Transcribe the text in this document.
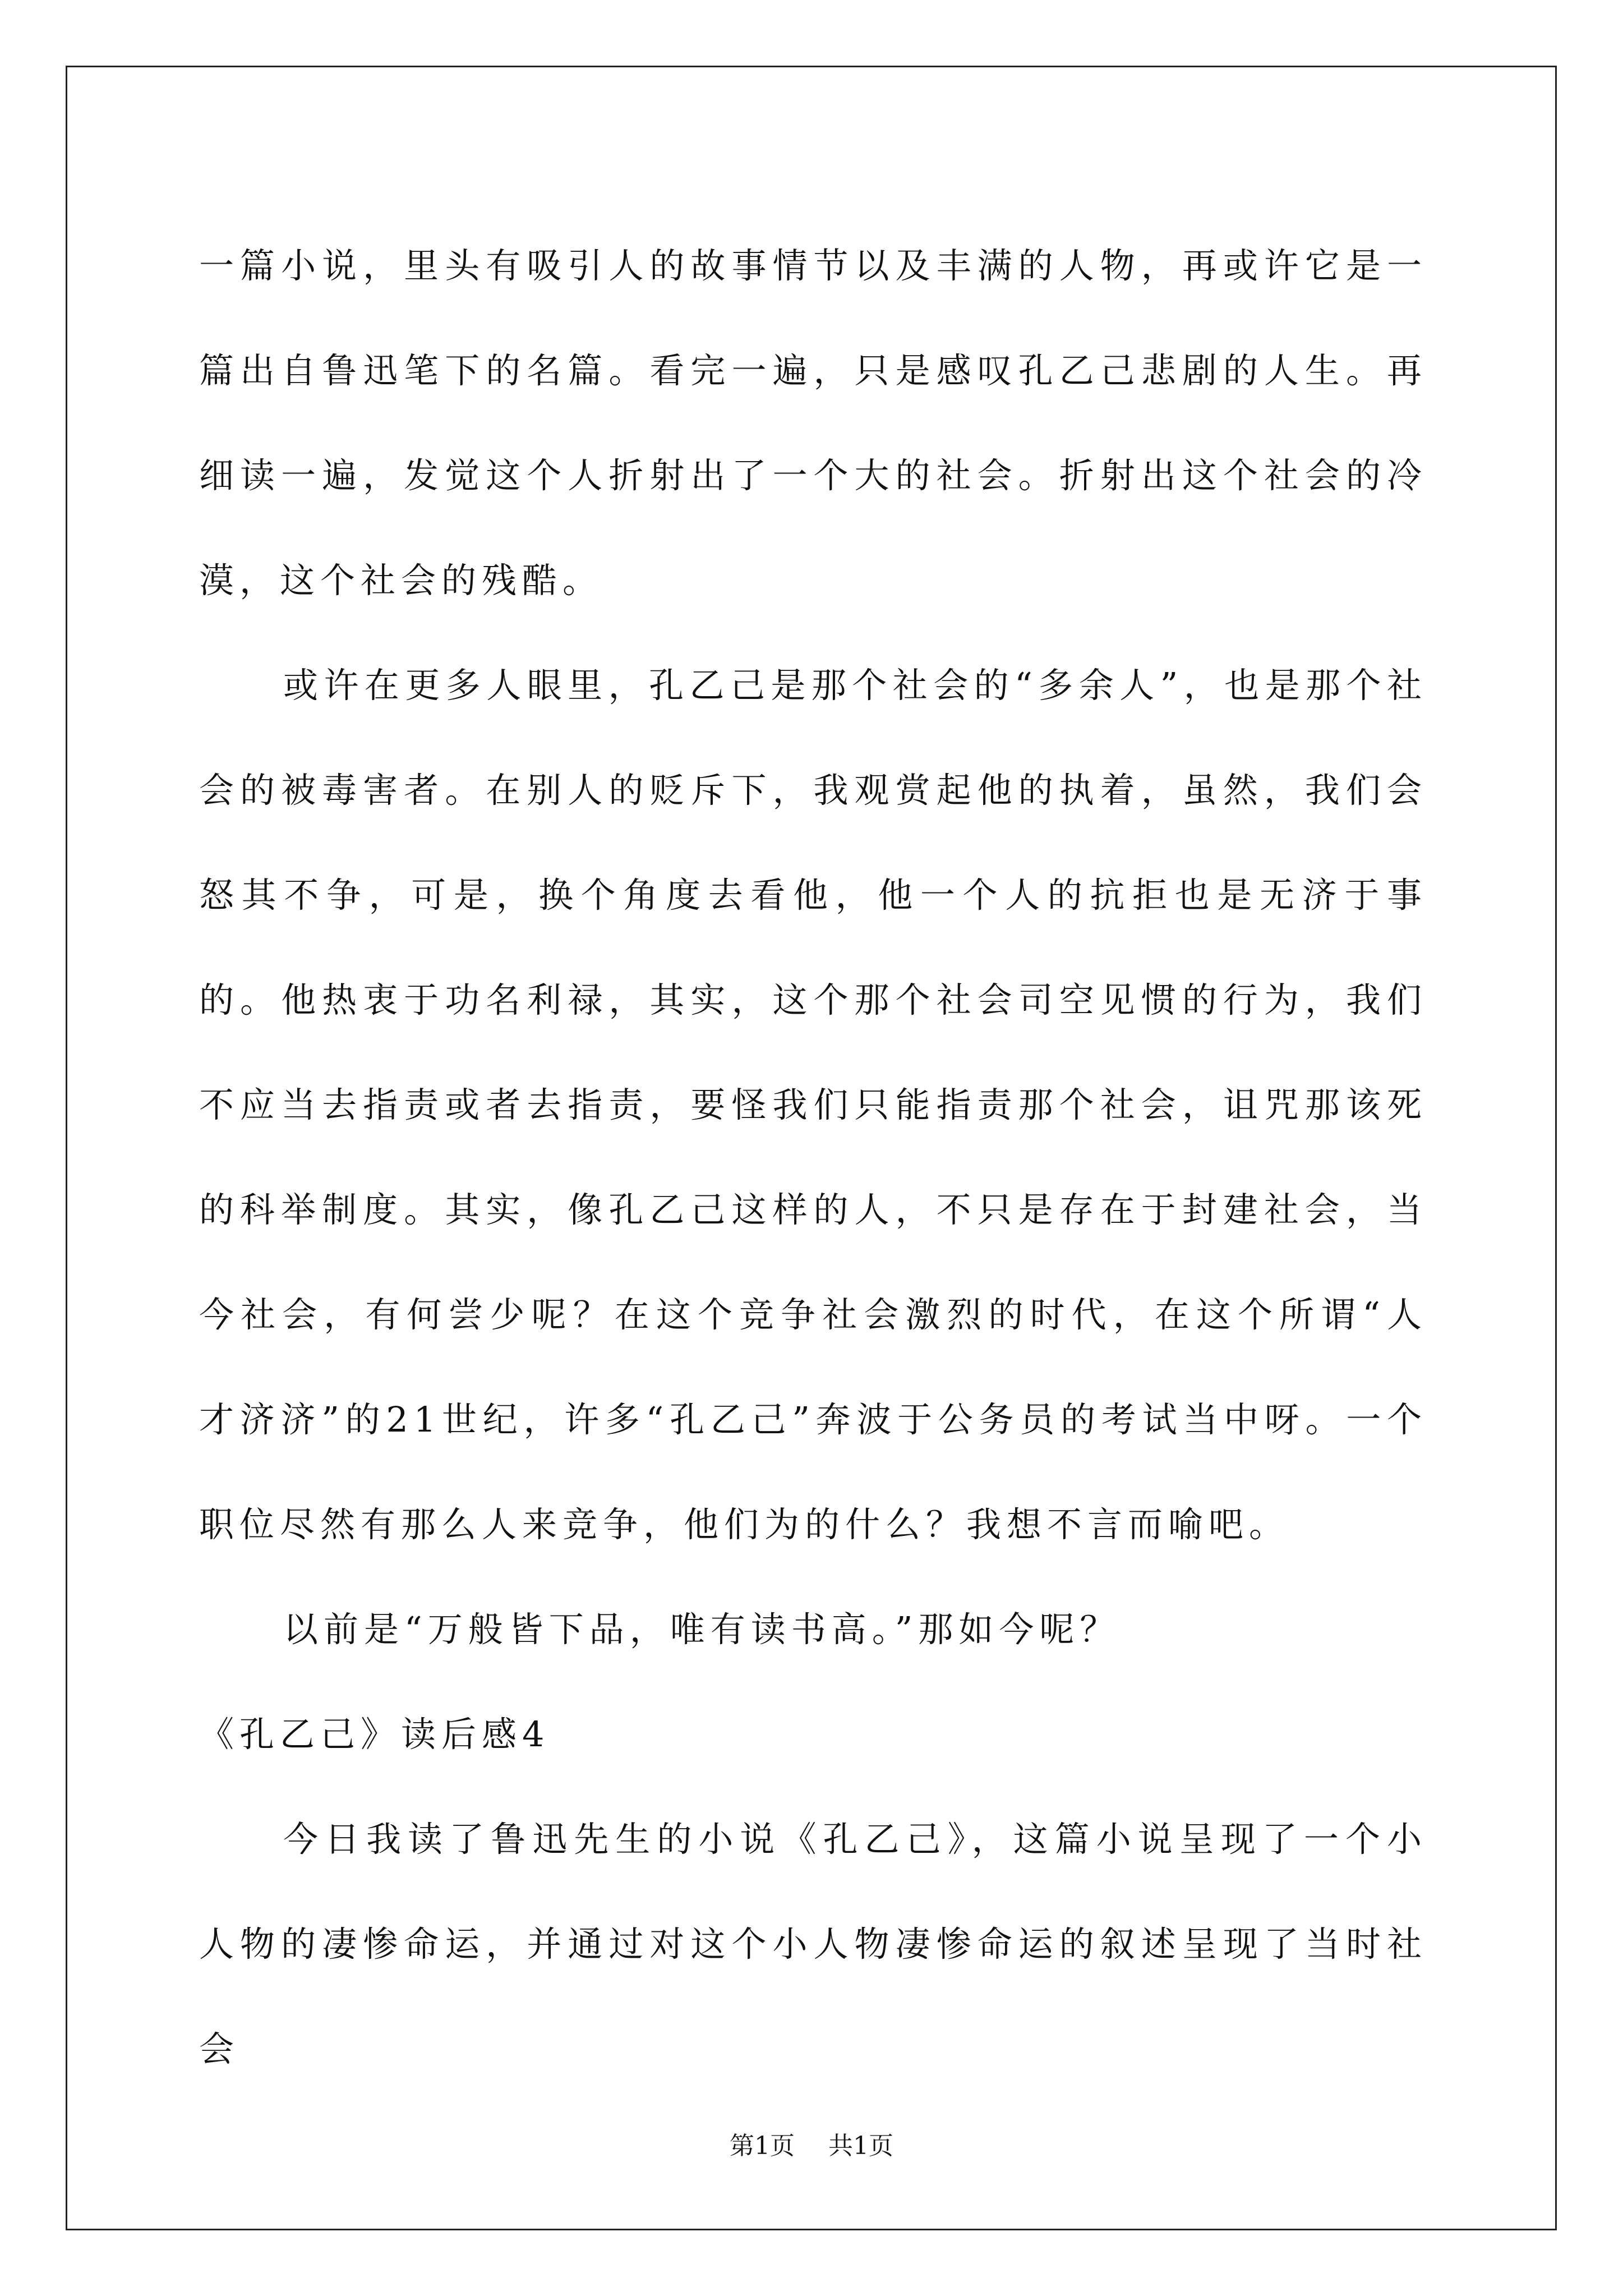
一篇小说，里头有吸引人的故事情节以及丰满的人物，再或许它是一篇出自鲁迅笔下的名篇。看完一遍，只是感叹孔乙己悲剧的人生。再细读一遍，发觉这个人折射出了一个大的社会。折射出这个社会的冷漠，这个社会的残酷。

或许在更多人眼里，孔乙己是那个社会的“多余人”，也是那个社会的被毒害者。在别人的贬斥下，我观赏起他的执着，虽然，我们会怒其不争，可是，换个角度去看他，他一个人的抗拒也是无济于事的。他热衷于功名利禄，其实，这个那个社会司空见惯的行为，我们不应当去指责或者去指责，要怪我们只能指责那个社会，诅咒那该死的科举制度。其实，像孔乙己这样的人，不只是存在于封建社会，当今社会，有何尝少呢？在这个竞争社会激烈的时代，在这个所谓“人才济济”的21世纪，许多“孔乙己”奔波于公务员的考试当中呀。一个职位尽然有那么人来竞争，他们为的什么？我想不言而喻吧。

以前是“万般皆下品，唯有读书高。”那如今呢？

《孔乙己》读后感4

今日我读了鲁迅先生的小说《孔乙己》，这篇小说呈现了一个小人物的凄惨命运，并通过对这个小人物凄惨命运的叙述呈现了当时社会

第1页 共1页
